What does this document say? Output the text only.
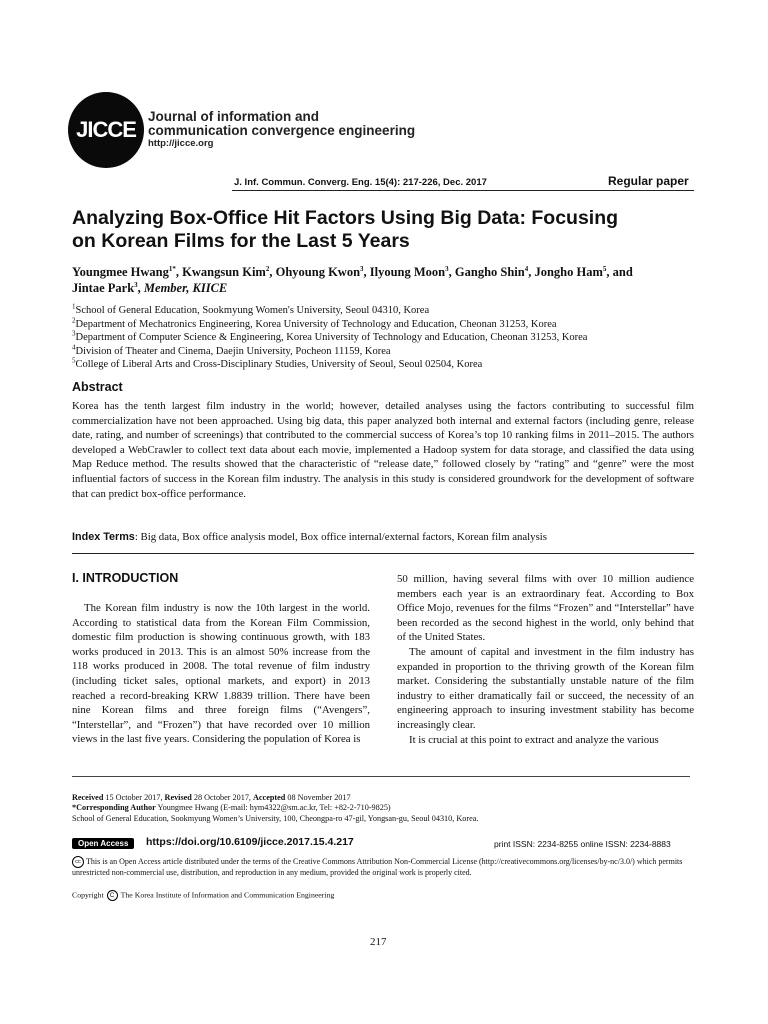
JICCE
Journal of information and
communication convergence engineering
http://jicce.org
J. Inf. Commun. Converg. Eng. 15(4): 217-226, Dec. 2017	Regular paper
Analyzing Box-Office Hit Factors Using Big Data: Focusing
on Korean Films for the Last 5 Years
Youngmee Hwang$^{1*}$, Kwangsun Kim$^2$, Ohyoung Kwon$^3$, Ilyoung Moon$^3$, Gangho Shin$^4$, Jongho Ham$^5$, and
Jintae Park$^3$, Member, KIICE
$^1$School of General Education, Sookmyung Women's University, Seoul 04310, Korea
$^2$Department of Mechatronics Engineering, Korea University of Technology and Education, Cheonan 31253, Korea
$^3$Department of Computer Science & Engineering, Korea University of Technology and Education, Cheonan 31253, Korea
$^4$Division of Theater and Cinema, Daejin University, Pocheon 11159, Korea
$^5$College of Liberal Arts and Cross-Disciplinary Studies, University of Seoul, Seoul 02504, Korea
Abstract
Korea has the tenth largest film industry in the world; however, detailed analyses using the factors contributing to successful film commercialization have not been approached. Using big data, this paper analyzed both internal and external factors (including genre, release date, rating, and number of screenings) that contributed to the commercial success of Korea’s top 10 ranking films in 2011–2015. The authors developed a WebCrawler to collect text data about each movie, implemented a Hadoop system for data storage, and classified the data using Map Reduce method. The results showed that the characteristic of “release date,” followed closely by “rating” and “genre” were the most influential factors of success in the Korean film industry. The analysis in this study is considered groundwork for the development of software that can predict box-office performance.
Index Terms: Big data, Box office analysis model, Box office internal/external factors, Korean film analysis
I. INTRODUCTION

The Korean film industry is now the 10th largest in the world. According to statistical data from the Korean Film Commission, domestic film production is showing continuous growth, with 183 works produced in 2013. This is an almost 50% increase from the 118 works produced in 2008. The total revenue of film industry (including ticket sales, optional markets, and export) in 2013 reached a record-breaking KRW 1.8839 trillion. There have been nine Korean films and three foreign films (“Avengers”, “Interstellar”, and “Frozen”) that have recorded over 10 million views in the last five years. Considering the population of Korea is

50 million, having several films with over 10 million audience members each year is an extraordinary feat. According to Box Office Mojo, revenues for the films “Frozen” and “Interstellar” have been recorded as the second highest in the world, only behind that of the United States.

The amount of capital and investment in the film industry has expanded in proportion to the thriving growth of the Korean film market. Considering the substantially unstable nature of the film industry to either dramatically fail or succeed, the necessity of an engineering approach to insuring investment stability has become increasingly clear.

It is crucial at this point to extract and analyze the various

Received 15 October 2017, Revised 28 October 2017, Accepted 08 November 2017
*Corresponding Author Youngmee Hwang (E-mail: hym4322@sm.ac.kr, Tel: +82-2-710-9825)
School of General Education, Sookmyung Women’s University, 100, Cheongpa-ro 47-gil, Yongsan-gu, Seoul 04310, Korea.
Open Access	https://doi.org/10.6109/jicce.2017.15.4.217	print ISSN: 2234-8255 online ISSN: 2234-8883
cc This is an Open Access article distributed under the terms of the Creative Commons Attribution Non-Commercial License (http://creativecommons.org/licenses/by-nc/3.0/) which permits unrestricted non-commercial use, distribution, and reproduction in any medium, provided the original work is properly cited.
Copyright C The Korea Institute of Information and Communication Engineering
217
